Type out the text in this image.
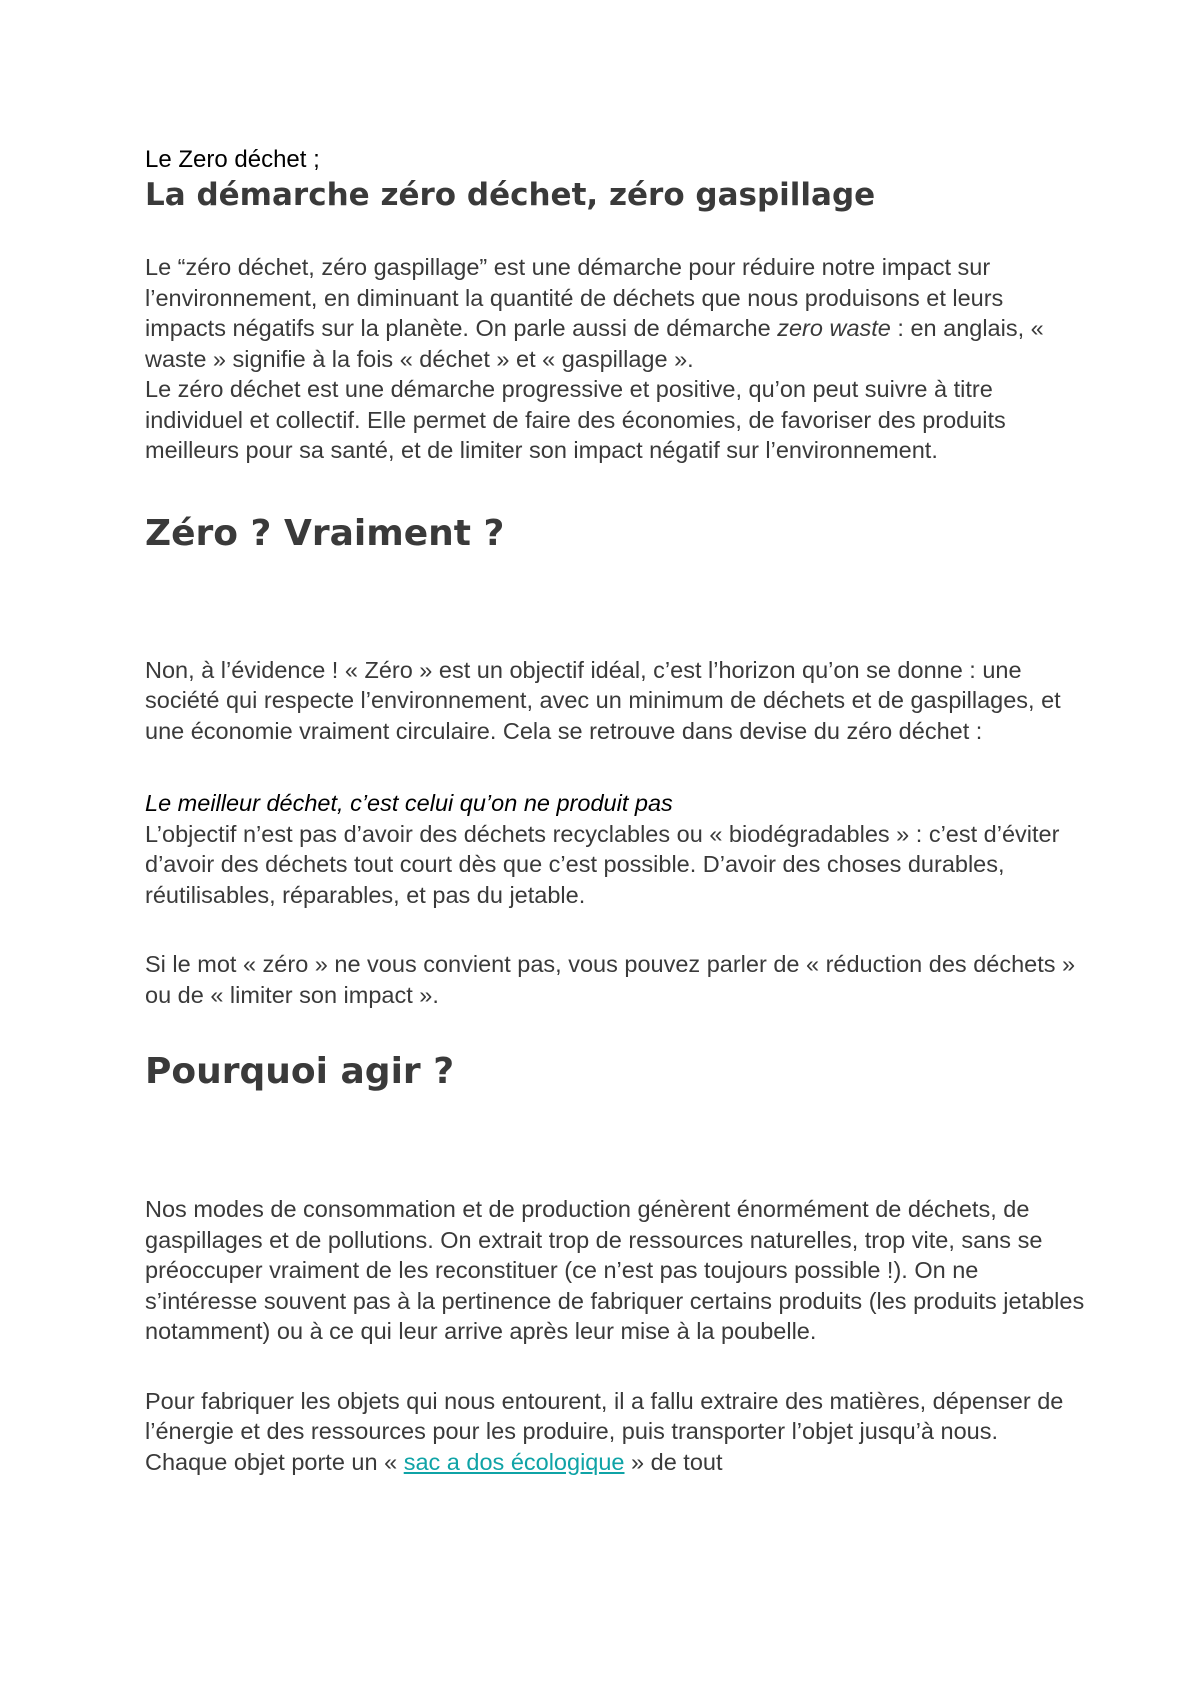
Le Zero déchet ;
La démarche zéro déchet, zéro gaspillage

Le “zéro déchet, zéro gaspillage” est une démarche pour réduire notre impact sur l’environnement, en diminuant la quantité de déchets que nous produisons et leurs impacts négatifs sur la planète. On parle aussi de démarche zero waste : en anglais, « waste » signifie à la fois « déchet » et « gaspillage ».

Le zéro déchet est une démarche progressive et positive, qu’on peut suivre à titre individuel et collectif. Elle permet de faire des économies, de favoriser des produits meilleurs pour sa santé, et de limiter son impact négatif sur l’environnement.

Zéro ? Vraiment ?

Non, à l’évidence ! « Zéro » est un objectif idéal, c’est l’horizon qu’on se donne : une société qui respecte l’environnement, avec un minimum de déchets et de gaspillages, et une économie vraiment circulaire. Cela se retrouve dans devise du zéro déchet :

Le meilleur déchet, c’est celui qu’on ne produit pas

L’objectif n’est pas d’avoir des déchets recyclables ou « biodégradables » : c’est d’éviter d’avoir des déchets tout court dès que c’est possible. D’avoir des choses durables, réutilisables, réparables, et pas du jetable.

Si le mot « zéro » ne vous convient pas, vous pouvez parler de « réduction des déchets » ou de « limiter son impact ».

Pourquoi agir ?

Nos modes de consommation et de production génèrent énormément de déchets, de gaspillages et de pollutions. On extrait trop de ressources naturelles, trop vite, sans se préoccuper vraiment de les reconstituer (ce n’est pas toujours possible !). On ne s’intéresse souvent pas à la pertinence de fabriquer certains produits (les produits jetables notamment) ou à ce qui leur arrive après leur mise à la poubelle.

Pour fabriquer les objets qui nous entourent, il a fallu extraire des matières, dépenser de l’énergie et des ressources pour les produire, puis transporter l’objet jusqu’à nous. Chaque objet porte un « sac a dos écologique » de tout
